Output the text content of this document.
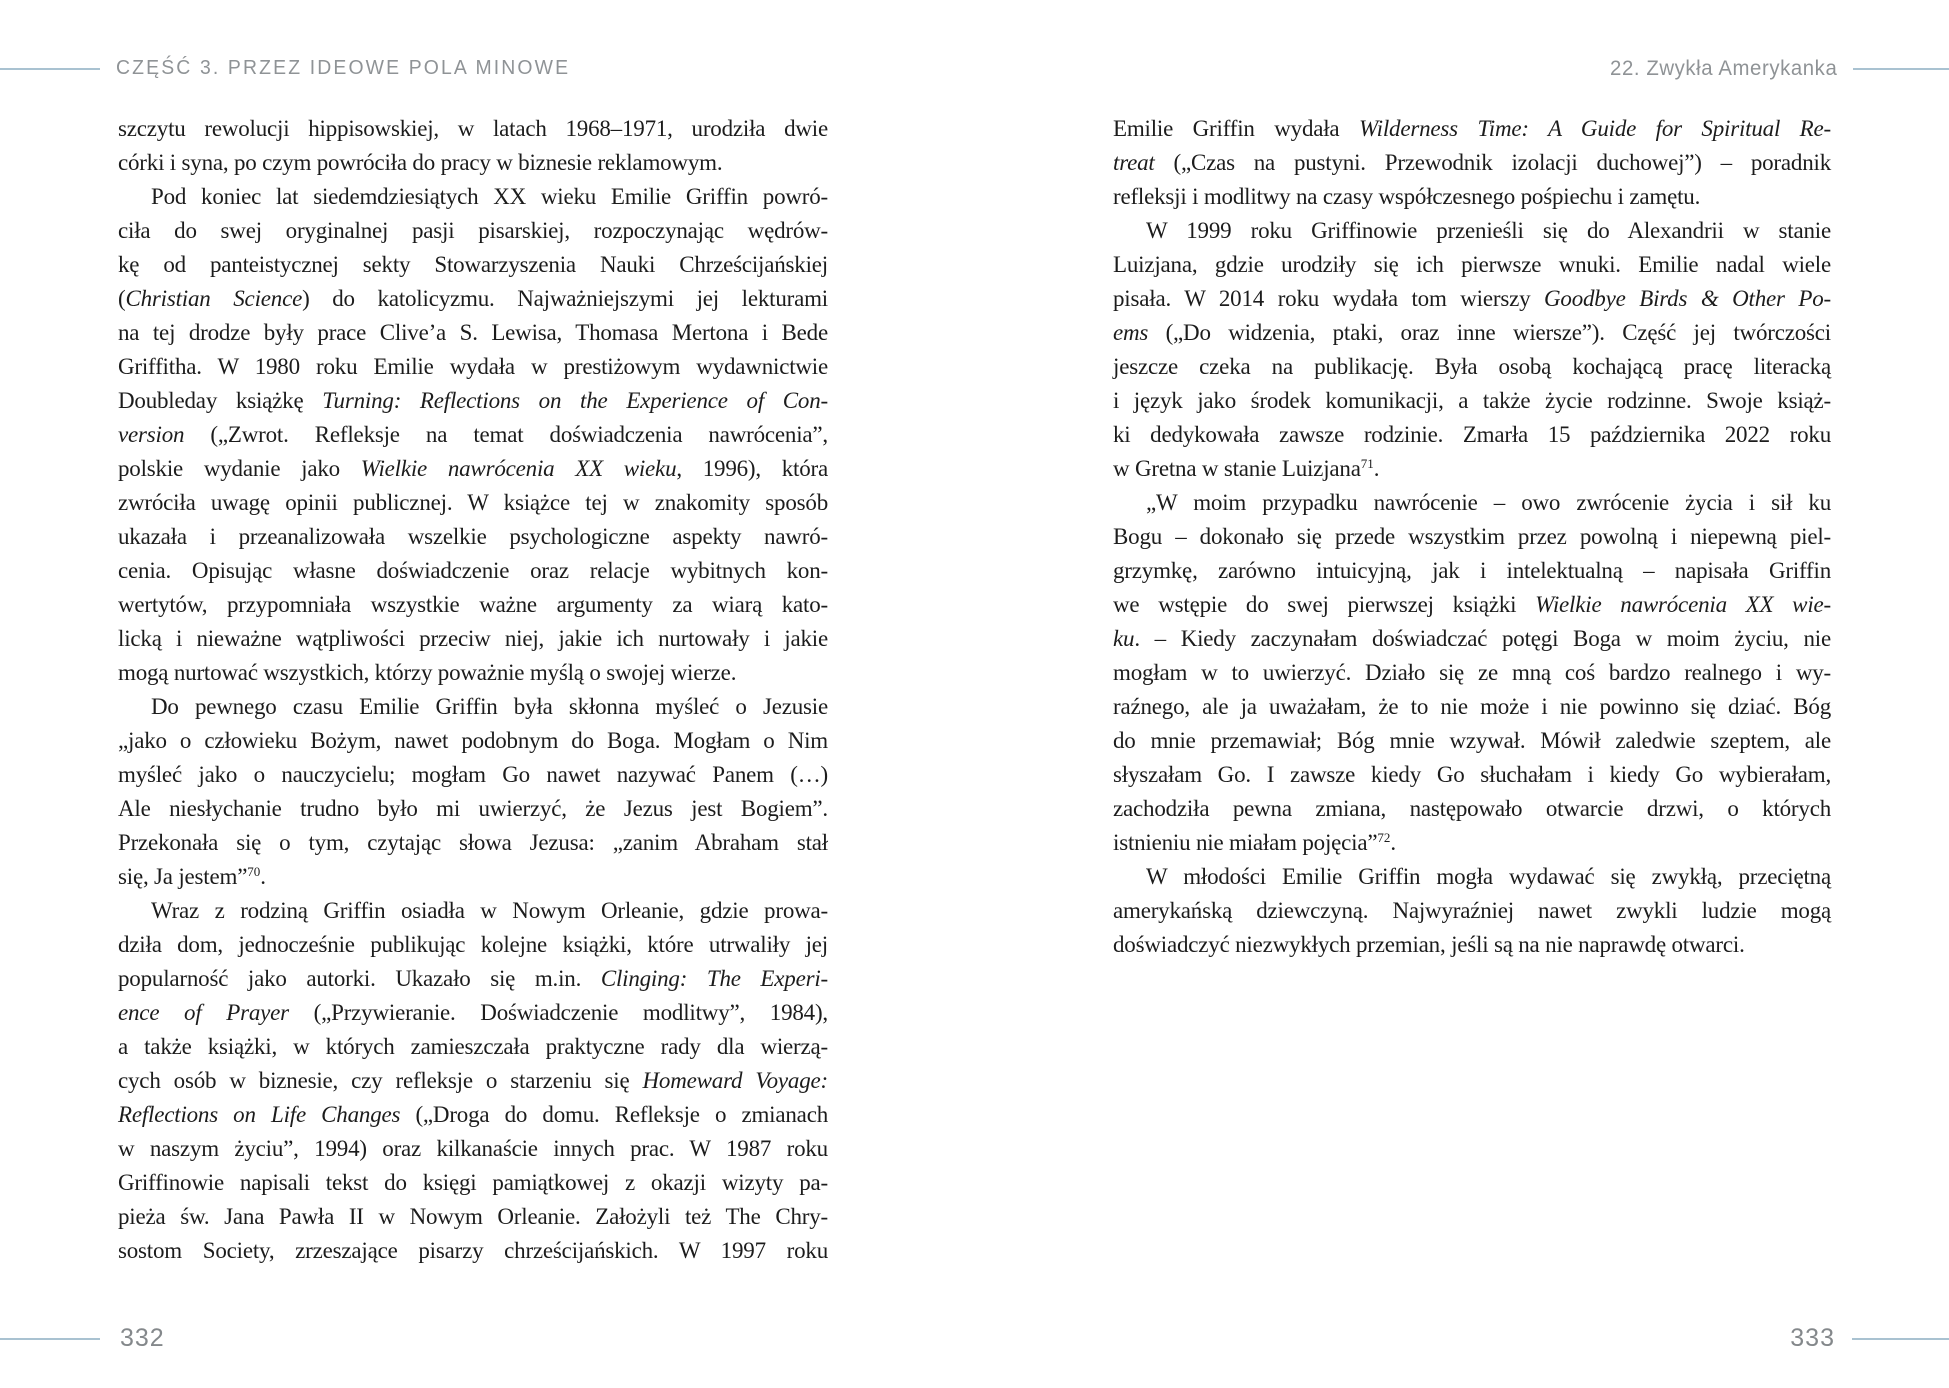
CZĘŚĆ 3. PRZEZ IDEOWE POLA MINOWE	22. Zwykła Amerykanka
szczytu rewolucji hippisowskiej, w latach 1968–1971, urodziła dwie
córki i syna, po czym powróciła do pracy w biznesie reklamowym.
Pod koniec lat siedemdziesiątych XX wieku Emilie Griffin powró-
ciła do swej oryginalnej pasji pisarskiej, rozpoczynając wędrów-
kę od panteistycznej sekty Stowarzyszenia Nauki Chrześcijańskiej
(Christian Science) do katolicyzmu. Najważniejszymi jej lekturami
na tej drodze były prace Clive’a S. Lewisa, Thomasa Mertona i Bede
Griffitha. W 1980 roku Emilie wydała w prestiżowym wydawnictwie
Doubleday książkę Turning: Reflections on the Experience of Con-
version („Zwrot. Refleksje na temat doświadczenia nawrócenia”,
polskie wydanie jako Wielkie nawrócenia XX wieku, 1996), która
zwróciła uwagę opinii publicznej. W książce tej w znakomity sposób
ukazała i przeanalizowała wszelkie psychologiczne aspekty nawró-
cenia. Opisując własne doświadczenie oraz relacje wybitnych kon-
wertytów, przypomniała wszystkie ważne argumenty za wiarą kato-
licką i nieważne wątpliwości przeciw niej, jakie ich nurtowały i jakie
mogą nurtować wszystkich, którzy poważnie myślą o swojej wierze.
Do pewnego czasu Emilie Griffin była skłonna myśleć o Jezusie
„jako o człowieku Bożym, nawet podobnym do Boga. Mogłam o Nim
myśleć jako o nauczycielu; mogłam Go nawet nazywać Panem (…)
Ale niesłychanie trudno było mi uwierzyć, że Jezus jest Bogiem”.
Przekonała się o tym, czytając słowa Jezusa: „zanim Abraham stał
się, Ja jestem”$^{70}$.
Wraz z rodziną Griffin osiadła w Nowym Orleanie, gdzie prowa-
dziła dom, jednocześnie publikując kolejne książki, które utrwaliły jej
popularność jako autorki. Ukazało się m.in. Clinging: The Experi-
ence of Prayer („Przywieranie. Doświadczenie modlitwy”, 1984),
a także książki, w których zamieszczała praktyczne rady dla wierzą-
cych osób w biznesie, czy refleksje o starzeniu się Homeward Voyage:
Reflections on Life Changes („Droga do domu. Refleksje o zmianach
w naszym życiu”, 1994) oraz kilkanaście innych prac. W 1987 roku
Griffinowie napisali tekst do księgi pamiątkowej z okazji wizyty pa-
pieża św. Jana Pawła II w Nowym Orleanie. Założyli też The Chry-
sostom Society, zrzeszające pisarzy chrześcijańskich. W 1997 roku
Emilie Griffin wydała Wilderness Time: A Guide for Spiritual Re-
treat („Czas na pustyni. Przewodnik izolacji duchowej”) – poradnik
refleksji i modlitwy na czasy współczesnego pośpiechu i zamętu.
W 1999 roku Griffinowie przenieśli się do Alexandrii w stanie
Luizjana, gdzie urodziły się ich pierwsze wnuki. Emilie nadal wiele
pisała. W 2014 roku wydała tom wierszy Goodbye Birds & Other Po-
ems („Do widzenia, ptaki, oraz inne wiersze”). Część jej twórczości
jeszcze czeka na publikację. Była osobą kochającą pracę literacką
i język jako środek komunikacji, a także życie rodzinne. Swoje książ-
ki dedykowała zawsze rodzinie. Zmarła 15 października 2022 roku
w Gretna w stanie Luizjana$^{71}$.
„W moim przypadku nawrócenie – owo zwrócenie życia i sił ku
Bogu – dokonało się przede wszystkim przez powolną i niepewną piel-
grzymkę, zarówno intuicyjną, jak i intelektualną – napisała Griffin
we wstępie do swej pierwszej książki Wielkie nawrócenia XX wie-
ku. – Kiedy zaczynałam doświadczać potęgi Boga w moim życiu, nie
mogłam w to uwierzyć. Działo się ze mną coś bardzo realnego i wy-
raźnego, ale ja uważałam, że to nie może i nie powinno się dziać. Bóg
do mnie przemawiał; Bóg mnie wzywał. Mówił zaledwie szeptem, ale
słyszałam Go. I zawsze kiedy Go słuchałam i kiedy Go wybierałam,
zachodziła pewna zmiana, następowało otwarcie drzwi, o których
istnieniu nie miałam pojęcia”$^{72}$.
W młodości Emilie Griffin mogła wydawać się zwykłą, przeciętną
amerykańską dziewczyną. Najwyraźniej nawet zwykli ludzie mogą
doświadczyć niezwykłych przemian, jeśli są na nie naprawdę otwarci.
332	333
